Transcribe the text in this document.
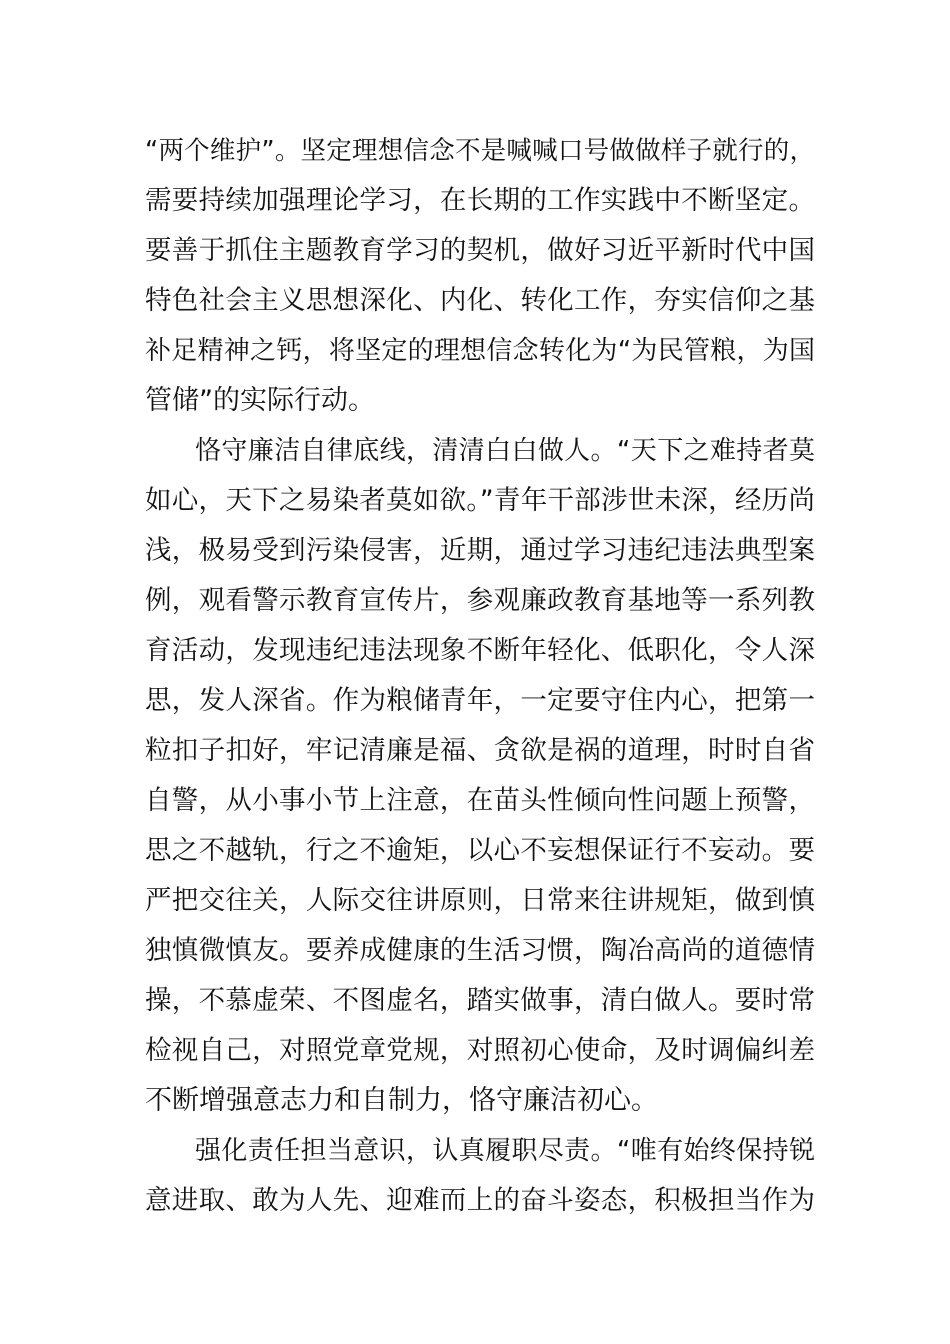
“两个维护”。坚定理想信念不是喊喊口号做做样子就行的，
需要持续加强理论学习，在长期的工作实践中不断坚定。
要善于抓住主题教育学习的契机，做好习近平新时代中国
特色社会主义思想深化、内化、转化工作，夯实信仰之基
补足精神之钙，将坚定的理想信念转化为“为民管粮，为国
管储”的实际行动。
恪守廉洁自律底线，清清白白做人。“天下之难持者莫
如心，天下之易染者莫如欲。”青年干部涉世未深，经历尚
浅，极易受到污染侵害，近期，通过学习违纪违法典型案
例，观看警示教育宣传片，参观廉政教育基地等一系列教
育活动，发现违纪违法现象不断年轻化、低职化，令人深
思，发人深省。作为粮储青年，一定要守住内心，把第一
粒扣子扣好，牢记清廉是福、贪欲是祸的道理，时时自省
自警，从小事小节上注意，在苗头性倾向性问题上预警，
思之不越轨，行之不逾矩，以心不妄想保证行不妄动。要
严把交往关，人际交往讲原则，日常来往讲规矩，做到慎
独慎微慎友。要养成健康的生活习惯，陶冶高尚的道德情
操，不慕虚荣、不图虚名，踏实做事，清白做人。要时常
检视自己，对照党章党规，对照初心使命，及时调偏纠差
不断增强意志力和自制力，恪守廉洁初心。
强化责任担当意识，认真履职尽责。“唯有始终保持锐
意进取、敢为人先、迎难而上的奋斗姿态，积极担当作为
